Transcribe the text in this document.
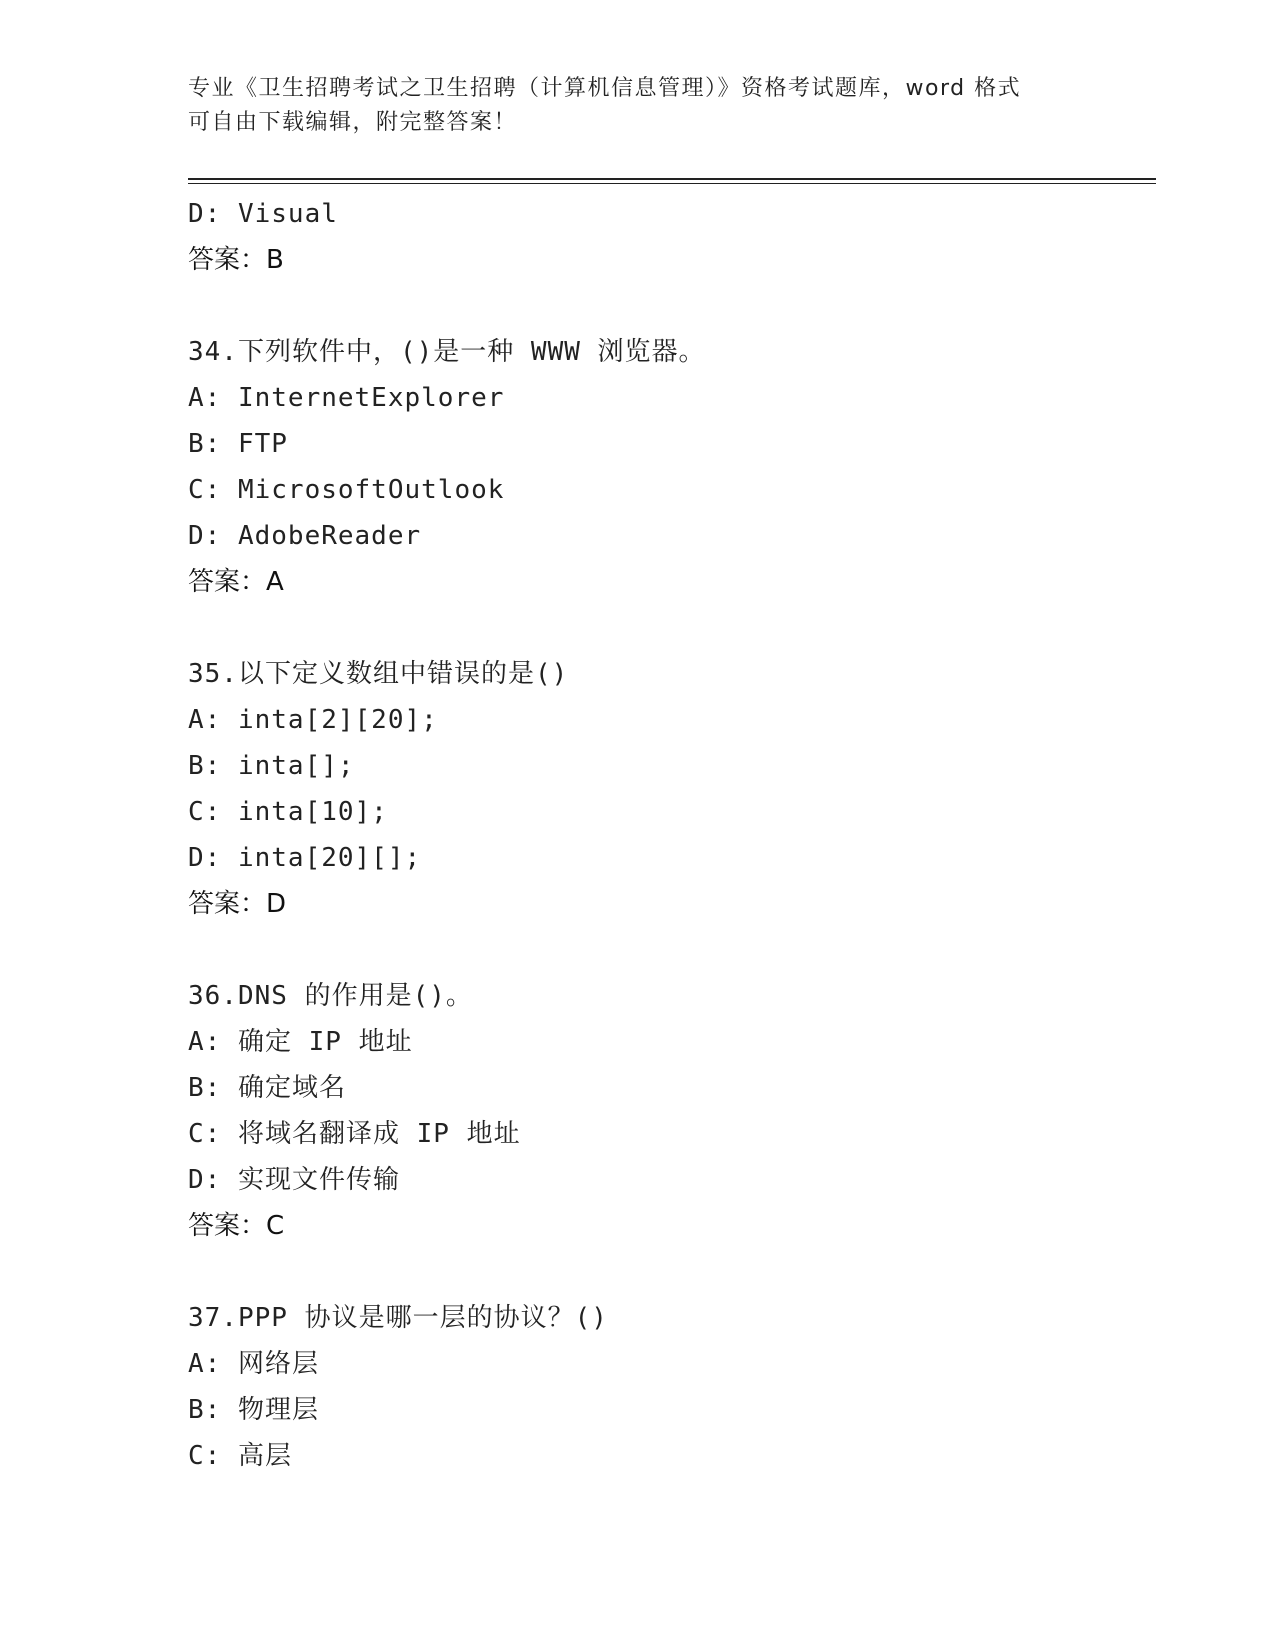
专业《卫生招聘考试之卫生招聘（计算机信息管理）》资格考试题库，word 格式
可自由下载编辑，附完整答案！
D: Visual
答案：B
34.下列软件中，()是一种 WWW 浏览器。
A: InternetExplorer
B: FTP
C: MicrosoftOutlook
D: AdobeReader
答案：A
35.以下定义数组中错误的是()
A: inta[2][20];
B: inta[];
C: inta[10];
D: inta[20][];
答案：D
36.DNS 的作用是()。
A: 确定 IP 地址
B: 确定域名
C: 将域名翻译成 IP 地址
D: 实现文件传输
答案：C
37.PPP 协议是哪一层的协议？()
A: 网络层
B: 物理层
C: 高层
